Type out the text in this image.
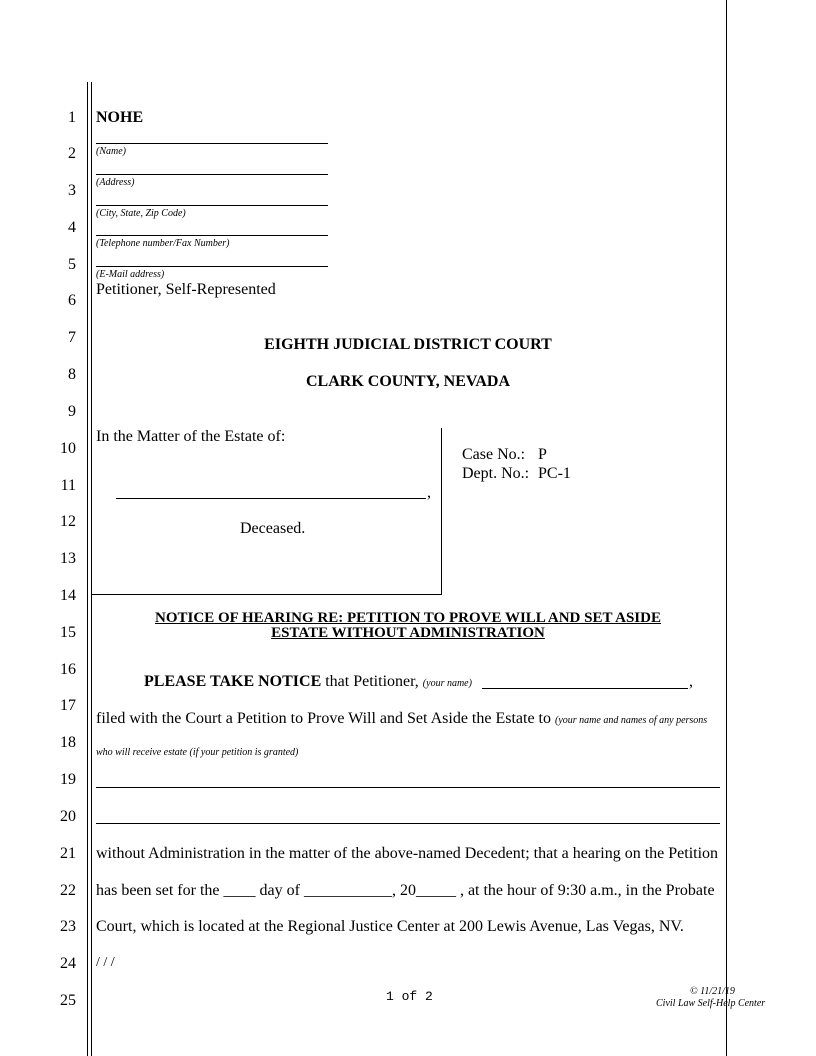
1
2
3
4
5
6
7
8
9
10
11
12
13
14
15
16
17
18
19
20
21
22
23
24
25
NOHE
(Name)
(Address)
(City, State, Zip Code)
(Telephone number/Fax Number)
(E-Mail address)
Petitioner, Self-Represented
EIGHTH JUDICIAL DISTRICT COURT
CLARK COUNTY, NEVADA
In the Matter of the Estate of:
,
Deceased.
Case No.: P
Dept. No.: PC-1
NOTICE OF HEARING RE: PETITION TO PROVE WILL AND SET ASIDE
ESTATE WITHOUT ADMINISTRATION
PLEASE TAKE NOTICE that Petitioner, (your name)	,
filed with the Court a Petition to Prove Will and Set Aside the Estate to (your name and names of any persons
who will receive estate (if your petition is granted)
without Administration in the matter of the above-named Decedent; that a hearing on the Petition
has been set for the ____ day of ___________, 20_____ , at the hour of 9:30 a.m., in the Probate
Court, which is located at the Regional Justice Center at 200 Lewis Avenue, Las Vegas, NV.
/ / /
1 of 2	© 11/21/19
Civil Law Self-Help Center
